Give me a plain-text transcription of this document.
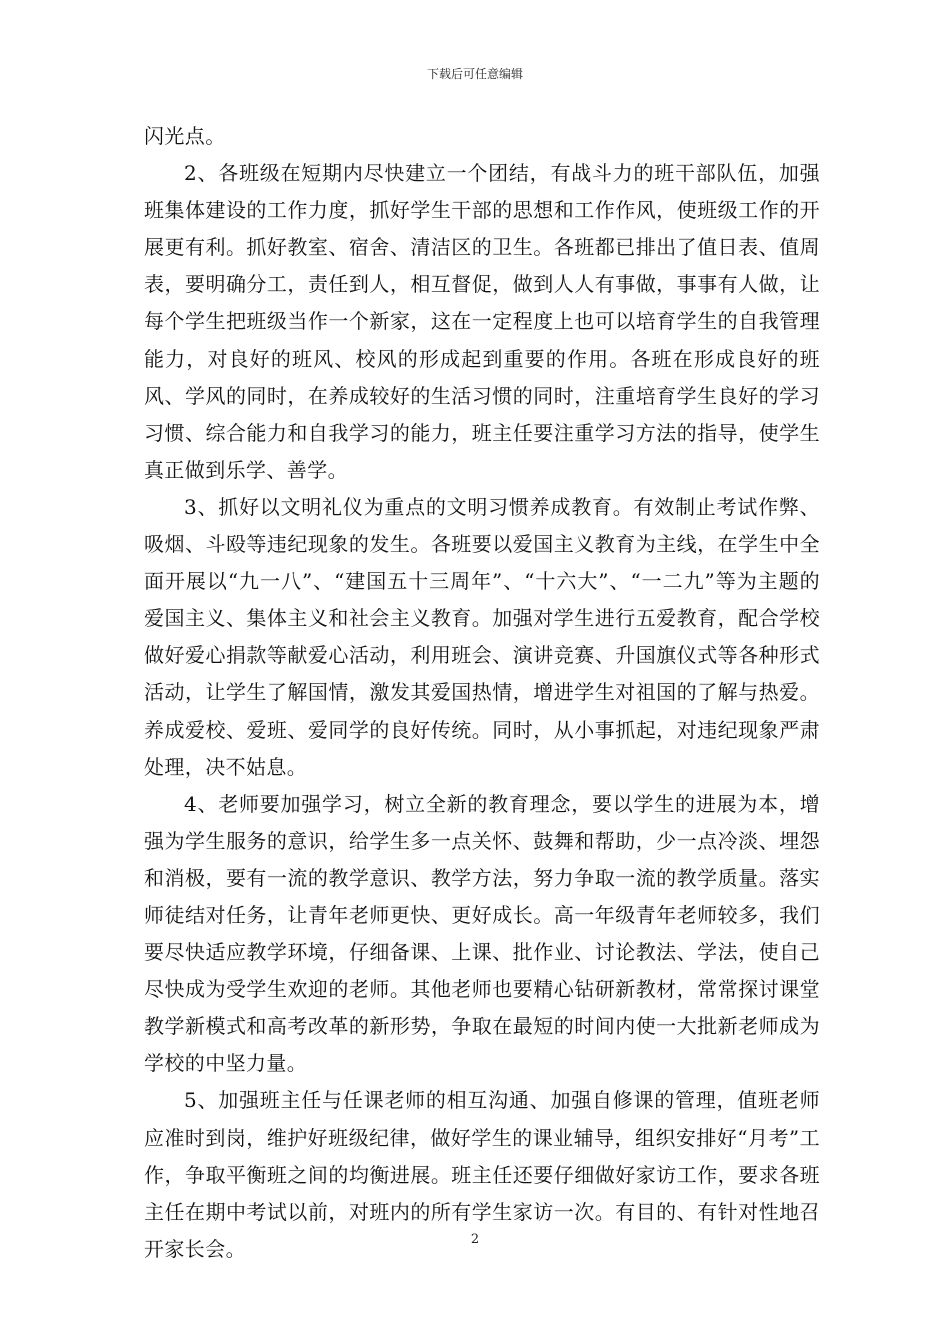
下载后可任意编辑

闪光点。

2、各班级在短期内尽快建立一个团结，有战斗力的班干部队伍，加强班集体建设的工作力度，抓好学生干部的思想和工作作风，使班级工作的开展更有利。抓好教室、宿舍、清洁区的卫生。各班都已排出了值日表、值周表，要明确分工，责任到人，相互督促，做到人人有事做，事事有人做，让每个学生把班级当作一个新家，这在一定程度上也可以培育学生的自我管理能力，对良好的班风、校风的形成起到重要的作用。各班在形成良好的班风、学风的同时，在养成较好的生活习惯的同时，注重培育学生良好的学习习惯、综合能力和自我学习的能力，班主任要注重学习方法的指导，使学生真正做到乐学、善学。

3、抓好以文明礼仪为重点的文明习惯养成教育。有效制止考试作弊、吸烟、斗殴等违纪现象的发生。各班要以爱国主义教育为主线，在学生中全面开展以“九一八”、“建国五十三周年”、“十六大”、“一二九”等为主题的爱国主义、集体主义和社会主义教育。加强对学生进行五爱教育，配合学校做好爱心捐款等献爱心活动，利用班会、演讲竞赛、升国旗仪式等各种形式活动，让学生了解国情，激发其爱国热情，增进学生对祖国的了解与热爱。养成爱校、爱班、爱同学的良好传统。同时，从小事抓起，对违纪现象严肃处理，决不姑息。

4、老师要加强学习，树立全新的教育理念，要以学生的进展为本，增强为学生服务的意识，给学生多一点关怀、鼓舞和帮助，少一点冷淡、埋怨和消极，要有一流的教学意识、教学方法，努力争取一流的教学质量。落实师徒结对任务，让青年老师更快、更好成长。高一年级青年老师较多，我们要尽快适应教学环境，仔细备课、上课、批作业、讨论教法、学法，使自己尽快成为受学生欢迎的老师。其他老师也要精心钻研新教材，常常探讨课堂教学新模式和高考改革的新形势，争取在最短的时间内使一大批新老师成为学校的中坚力量。

5、加强班主任与任课老师的相互沟通、加强自修课的管理，值班老师应准时到岗，维护好班级纪律，做好学生的课业辅导，组织安排好“月考”工作，争取平衡班之间的均衡进展。班主任还要仔细做好家访工作，要求各班主任在期中考试以前，对班内的所有学生家访一次。有目的、有针对性地召开家长会。	2
